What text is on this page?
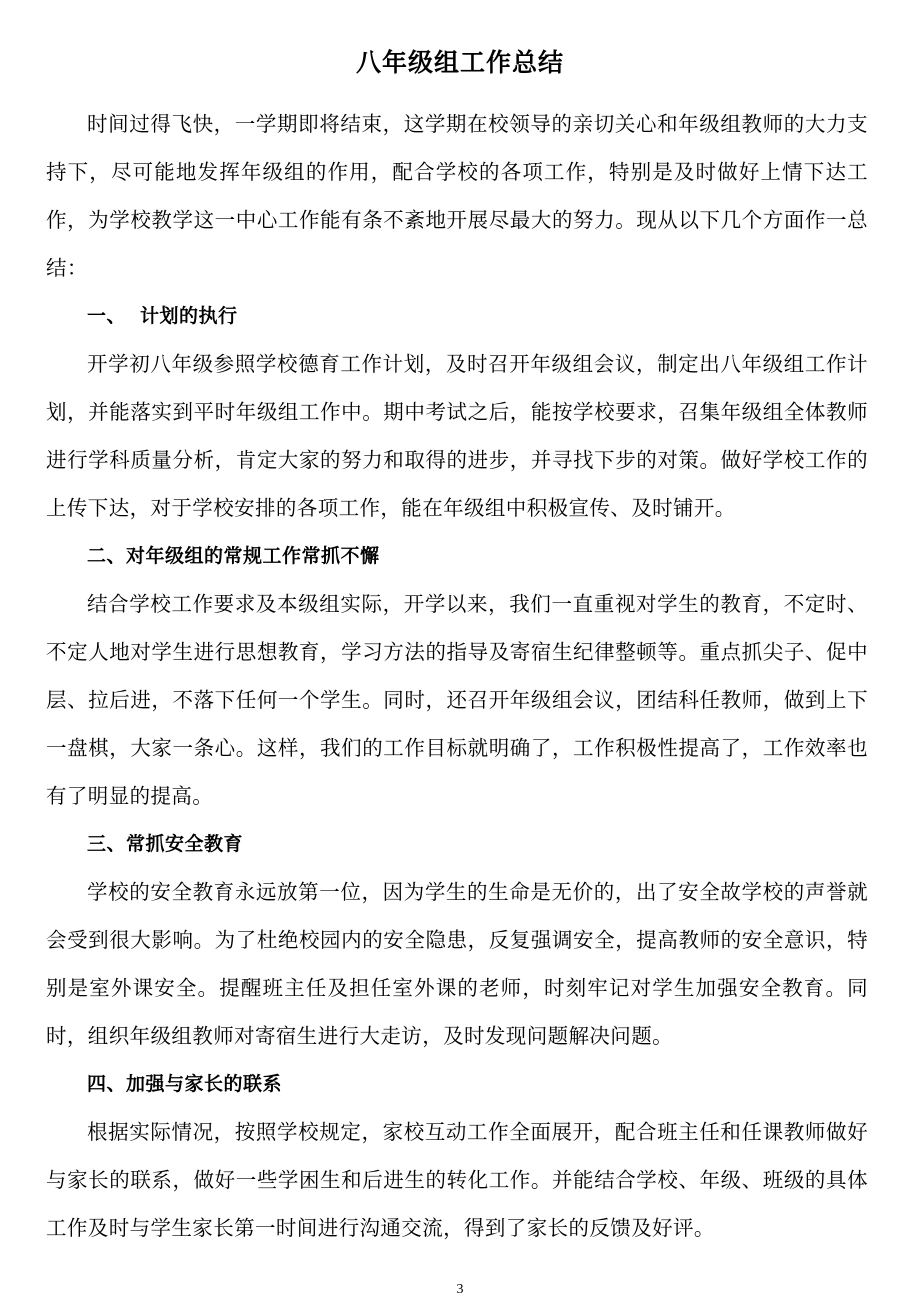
八年级组工作总结

时间过得飞快，一学期即将结束，这学期在校领导的亲切关心和年级组教师的大力支持下，尽可能地发挥年级组的作用，配合学校的各项工作，特别是及时做好上情下达工作，为学校教学这一中心工作能有条不紊地开展尽最大的努力。现从以下几个方面作一总结：

一、 计划的执行

开学初八年级参照学校德育工作计划，及时召开年级组会议，制定出八年级组工作计划，并能落实到平时年级组工作中。期中考试之后，能按学校要求，召集年级组全体教师进行学科质量分析，肯定大家的努力和取得的进步，并寻找下步的对策。做好学校工作的上传下达，对于学校安排的各项工作，能在年级组中积极宣传、及时铺开。

二、对年级组的常规工作常抓不懈

结合学校工作要求及本级组实际，开学以来，我们一直重视对学生的教育，不定时、不定人地对学生进行思想教育，学习方法的指导及寄宿生纪律整顿等。重点抓尖子、促中层、拉后进，不落下任何一个学生。同时，还召开年级组会议，团结科任教师，做到上下一盘棋，大家一条心。这样，我们的工作目标就明确了，工作积极性提高了，工作效率也有了明显的提高。

三、常抓安全教育

学校的安全教育永远放第一位，因为学生的生命是无价的，出了安全故学校的声誉就会受到很大影响。为了杜绝校园内的安全隐患，反复强调安全，提高教师的安全意识，特别是室外课安全。提醒班主任及担任室外课的老师，时刻牢记对学生加强安全教育。同时，组织年级组教师对寄宿生进行大走访，及时发现问题解决问题。

四、加强与家长的联系

根据实际情况，按照学校规定，家校互动工作全面展开，配合班主任和任课教师做好与家长的联系，做好一些学困生和后进生的转化工作。并能结合学校、年级、班级的具体工作及时与学生家长第一时间进行沟通交流，得到了家长的反馈及好评。

3
